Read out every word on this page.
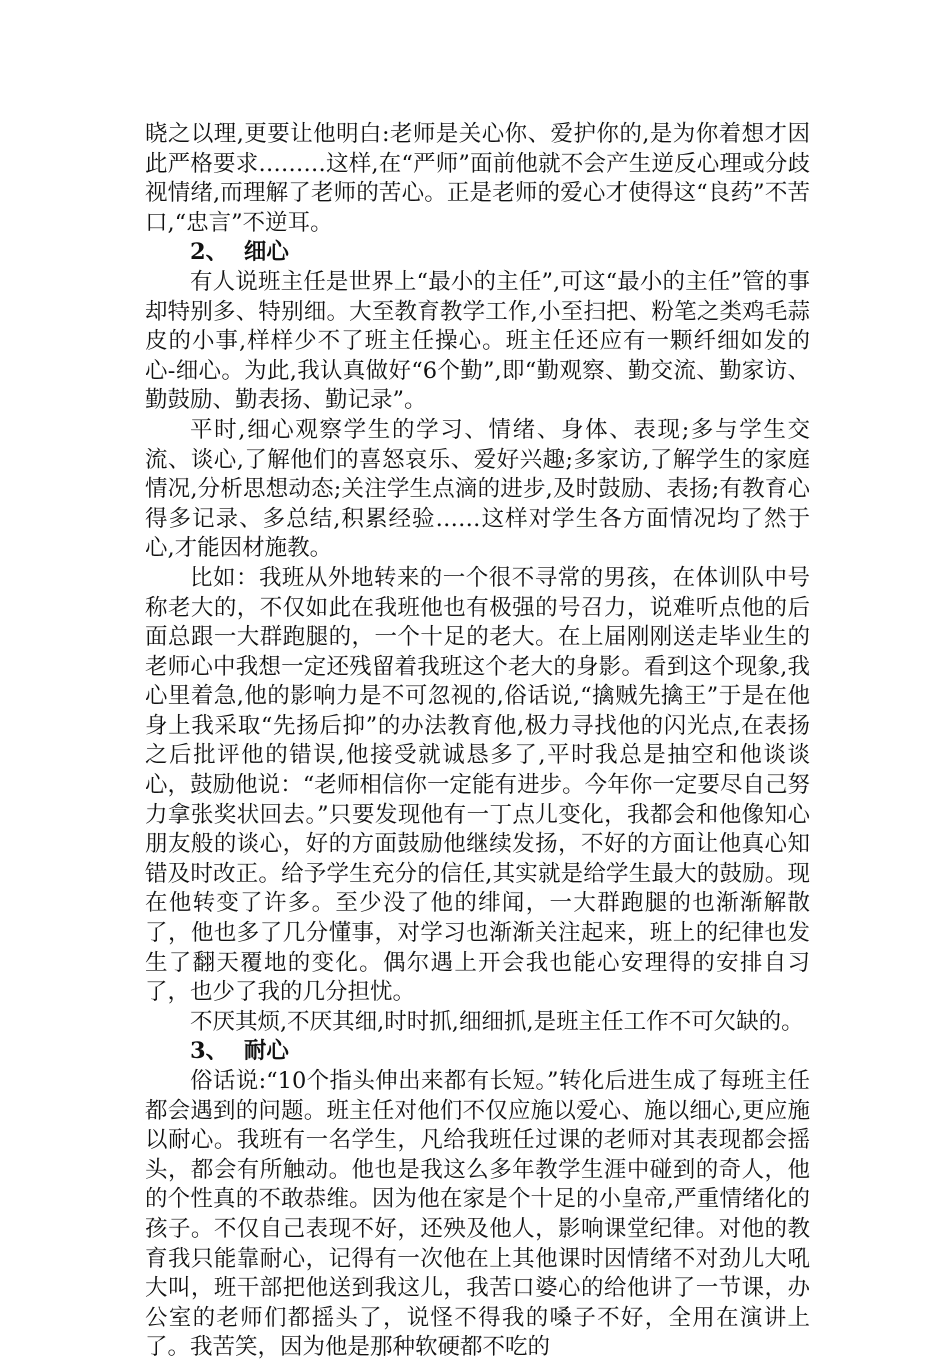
晓之以理,更要让他明白:老师是关心你、爱护你的,是为你着想才因此严格要求………这样,在“严师”面前他就不会产生逆反心理或分歧视情绪,而理解了老师的苦心。正是老师的爱心才使得这“良药”不苦口,“忠言”不逆耳。

2、  细心

有人说班主任是世界上“最小的主任”,可这“最小的主任”管的事却特别多、特别细。大至教育教学工作,小至扫把、粉笔之类鸡毛蒜皮的小事,样样少不了班主任操心。班主任还应有一颗纤细如发的心-细心。为此,我认真做好“6个勤”,即“勤观察、勤交流、勤家访、勤鼓励、勤表扬、勤记录”。

平时,细心观察学生的学习、情绪、身体、表现;多与学生交流、谈心,了解他们的喜怒哀乐、爱好兴趣;多家访,了解学生的家庭情况,分析思想动态;关注学生点滴的进步,及时鼓励、表扬;有教育心得多记录、多总结,积累经验……这样对学生各方面情况均了然于心,才能因材施教。

比如：我班从外地转来的一个很不寻常的男孩，在体训队中号称老大的，不仅如此在我班他也有极强的号召力，说难听点他的后面总跟一大群跑腿的，一个十足的老大。在上届刚刚送走毕业生的老师心中我想一定还残留着我班这个老大的身影。看到这个现象,我心里着急,他的影响力是不可忽视的,俗话说,“擒贼先擒王”于是在他身上我采取“先扬后抑”的办法教育他,极力寻找他的闪光点,在表扬之后批评他的错误,他接受就诚恳多了,平时我总是抽空和他谈谈心，鼓励他说：“老师相信你一定能有进步。今年你一定要尽自己努力拿张奖状回去。”只要发现他有一丁点儿变化，我都会和他像知心朋友般的谈心，好的方面鼓励他继续发扬，不好的方面让他真心知错及时改正。给予学生充分的信任,其实就是给学生最大的鼓励。现在他转变了许多。至少没了他的绯闻，一大群跑腿的也渐渐解散了，他也多了几分懂事，对学习也渐渐关注起来，班上的纪律也发生了翻天覆地的变化。偶尔遇上开会我也能心安理得的安排自习了，也少了我的几分担忧。

不厌其烦,不厌其细,时时抓,细细抓,是班主任工作不可欠缺的。

3、  耐心

俗话说:“10个指头伸出来都有长短。”转化后进生成了每班主任都会遇到的问题。班主任对他们不仅应施以爱心、施以细心,更应施以耐心。我班有一名学生，凡给我班任过课的老师对其表现都会摇头，都会有所触动。他也是我这么多年教学生涯中碰到的奇人，他的个性真的不敢恭维。因为他在家是个十足的小皇帝,严重情绪化的孩子。不仅自己表现不好，还殃及他人，影响课堂纪律。对他的教育我只能靠耐心，记得有一次他在上其他课时因情绪不对劲儿大吼大叫，班干部把他送到我这儿，我苦口婆心的给他讲了一节课，办公室的老师们都摇头了，说怪不得我的嗓子不好，全用在演讲上了。我苦笑，因为他是那种软硬都不吃的
